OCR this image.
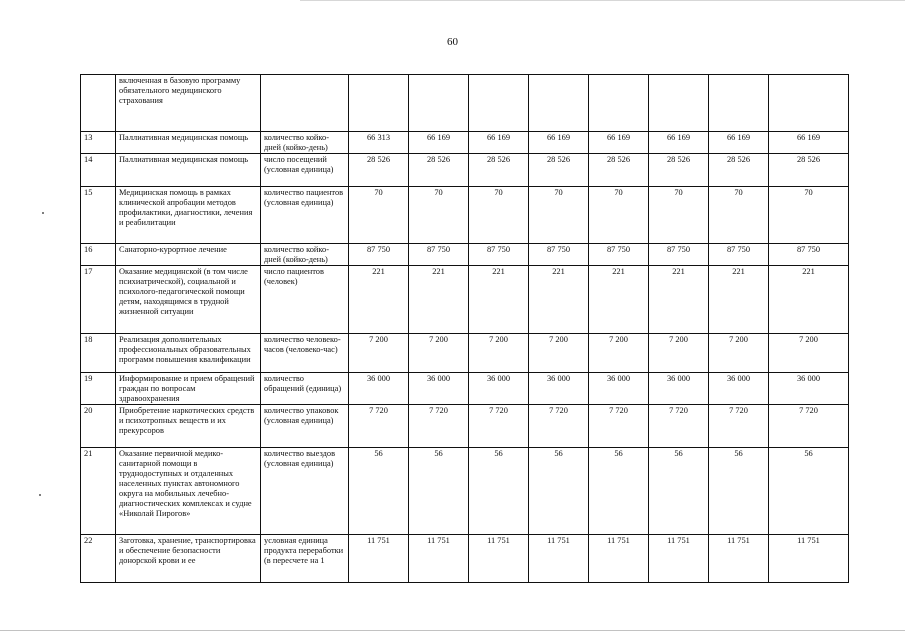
60
	включенная в базовую программу обязательного медицинского страхования									
13	Паллиативная медицинская помощь	количество койко-дней (койко-день)	66 313	66 169	66 169	66 169	66 169	66 169	66 169	66 169
14	Паллиативная медицинская помощь	число посещений (условная единица)	28 526	28 526	28 526	28 526	28 526	28 526	28 526	28 526
15	Медицинская помощь в рамках клинической апробации методов профилактики, диагностики, лечения и реабилитации	количество пациентов (условная единица)	70	70	70	70	70	70	70	70
16	Санаторно-курортное лечение	количество койко-дней (койко-день)	87 750	87 750	87 750	87 750	87 750	87 750	87 750	87 750
17	Оказание медицинской (в том числе психиатрической), социальной и психолого-педагогической помощи детям, находящимся в трудной жизненной ситуации	число пациентов (человек)	221	221	221	221	221	221	221	221
18	Реализация дополнительных профессиональных образовательных программ повышения квалификации	количество человеко-часов (человеко-час)	7 200	7 200	7 200	7 200	7 200	7 200	7 200	7 200
19	Информирование и прием обращений граждан по вопросам здравоохранения	количество обращений (единица)	36 000	36 000	36 000	36 000	36 000	36 000	36 000	36 000
20	Приобретение наркотических средств и психотропных веществ и их прекурсоров	количество упаковок (условная единица)	7 720	7 720	7 720	7 720	7 720	7 720	7 720	7 720
21	Оказание первичной медико-санитарной помощи в труднодоступных и отдаленных населенных пунктах автономного округа на мобильных лечебно-диагностических комплексах и судне «Николай Пирогов»	количество выездов (условная единица)	56	56	56	56	56	56	56	56
22	Заготовка, хранение, транспортировка и обеспечение безопасности донорской крови и ее	условная единица продукта переработки (в пересчете на 1	11 751	11 751	11 751	11 751	11 751	11 751	11 751	11 751
